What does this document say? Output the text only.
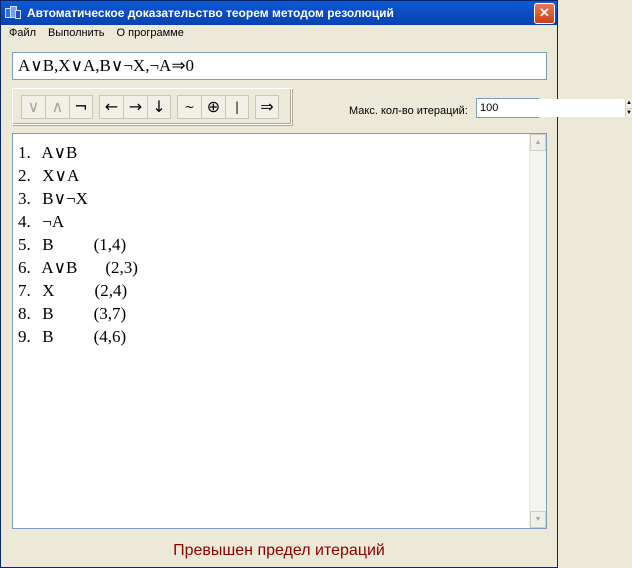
Автоматическое доказательство теорем методом резолюций	✕
Файл	Выполнить	О программе
A∨B,X∨A,B∨¬X,¬A⇒0
∨ ∧ ¬ ← → ↓ ~ ⊕ | ⇒	Макс. кол-во итераций:
100
▲
▼
1. A∨B
2. X∨A
3. B∨¬X
4. ¬A
5. B (1,4)
6. A∨B (2,3)
7. X (2,4)
8. B (3,7)
9. B (4,6)
▲
▼
Превышен предел итераций
